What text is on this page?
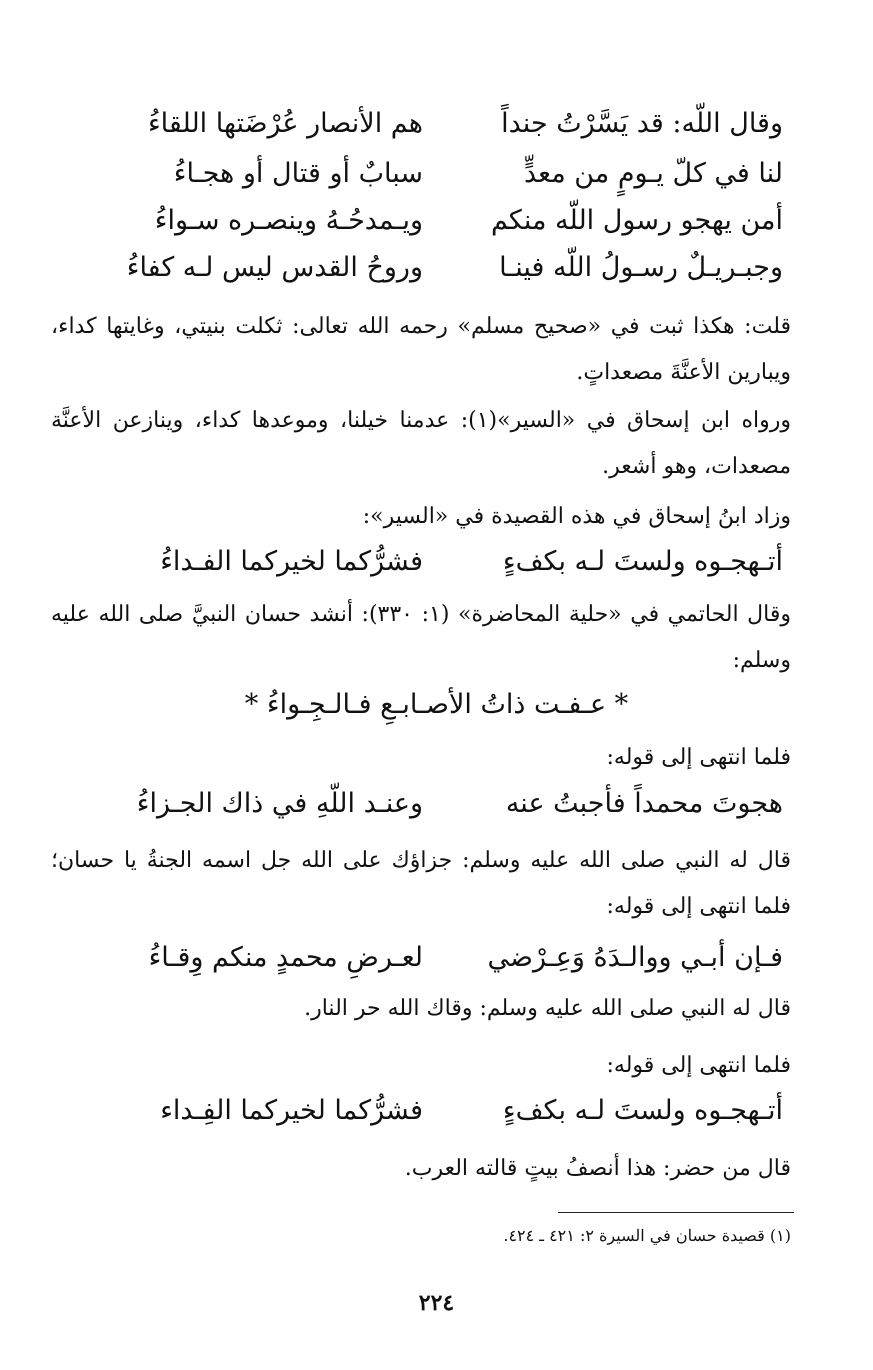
وقال اللّه: قد يَسَّرْتُ جنداً
هم الأنصار عُرْضَتها اللقاءُ
لنا في كلّ يـومٍ من معدٍّ
سبابٌ أو قتال أو هجـاءُ
أمن يهجو رسول اللّه منكم
ويـمدحُـهُ وينصـره سـواءُ
وجبـريـلٌ رسـولُ اللّه فينـا
وروحُ القدس ليس لـه كفاءُ
قلت: هكذا ثبت في «صحيح مسلم» رحمه الله تعالى: ثكلت بنيتي، وغايتها كداء، ويبارين الأعنَّةَ مصعداتٍ.
ورواه ابن إسحاق في «السير»(١): عدمنا خيلنا، وموعدها كداء، وينازعن الأعنَّة مصعدات، وهو أشعر.
وزاد ابنُ إسحاق في هذه القصيدة في «السير»:
أتـهجـوه ولستَ لـه بكفءٍ
فشرُّكما لخيركما الفـداءُ
وقال الحاتمي في «حلية المحاضرة» (١: ٣٣٠): أنشد حسان النبيَّ صلى الله عليه وسلم:
* عـفـت ذاتُ الأصـابـعِ فـالـجِـواءُ *
فلما انتهى إلى قوله:
هجوتَ محمداً فأجبتُ عنه
وعنـد اللّهِ في ذاك الجـزاءُ
قال له النبي صلى الله عليه وسلم: جزاؤك على الله جل اسمه الجنةُ يا حسان؛ فلما انتهى إلى قوله:
فـإن أبـي ووالـدَهُ وَعِـرْضي
لعـرضِ محمدٍ منكم وِقـاءُ
قال له النبي صلى الله عليه وسلم: وقاك الله حر النار.
فلما انتهى إلى قوله:
أتـهجـوه ولستَ لـه بكفءٍ
فشرُّكما لخيركما الفِـداء
قال من حضر: هذا أنصفُ بيتٍ قالته العرب.
(١) قصيدة حسان في السيرة ٢: ٤٢١ ـ ٤٢٤.
٢٢٤
